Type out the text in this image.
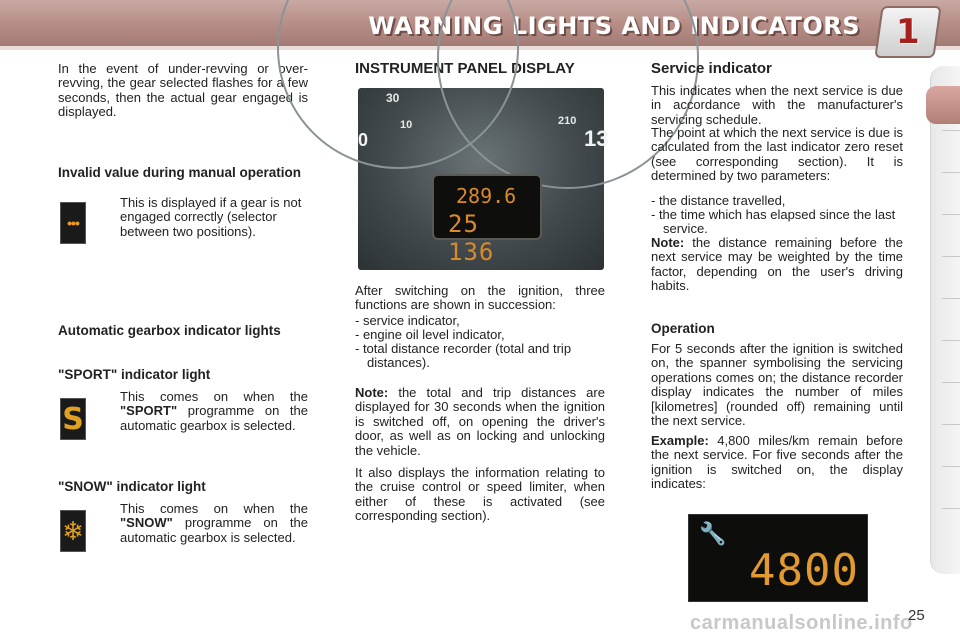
WARNING LIGHTS AND INDICATORS 1
In the event of under-revving or over-revving, the gear selected flashes for a few seconds, then the actual gear engaged is displayed.
Invalid value during manual operation
•••
This is displayed if a gear is not engaged correctly (selector between two positions).
Automatic gearbox indicator lights
"SPORT" indicator light
S
This comes on when the "SPORT" programme on the automatic gearbox is selected.
"SNOW" indicator light
❄
This comes on when the "SNOW" programme on the automatic gearbox is selected.
INSTRUMENT PANEL DISPLAY
30
10	210
13
0
289.6
25 136
After switching on the ignition, three functions are shown in succession:
- service indicator,
- engine oil level indicator,
- total distance recorder (total and trip distances).
Note: the total and trip distances are displayed for 30 seconds when the ignition is switched off, on opening the driver's door, as well as on locking and unlocking the vehicle.
It also displays the information relating to the cruise control or speed limiter, when either of these is activated (see corresponding section).
Service indicator
This indicates when the next service is due in accordance with the manufacturer's servicing schedule.
The point at which the next service is due is calculated from the last indicator zero reset (see corresponding section). It is determined by two parameters:
- the distance travelled,
- the time which has elapsed since the last service.
Note: the distance remaining before the next service may be weighted by the time factor, depending on the user's driving habits.
Operation
For 5 seconds after the ignition is switched on, the spanner symbolising the servicing operations comes on; the distance recorder display indicates the number of miles [kilometres] (rounded off) remaining until the next service.
Example: 4,800 miles/km remain before the next service. For five seconds after the ignition is switched on, the display indicates:
🔧
4800
carmanualsonline.info
25
